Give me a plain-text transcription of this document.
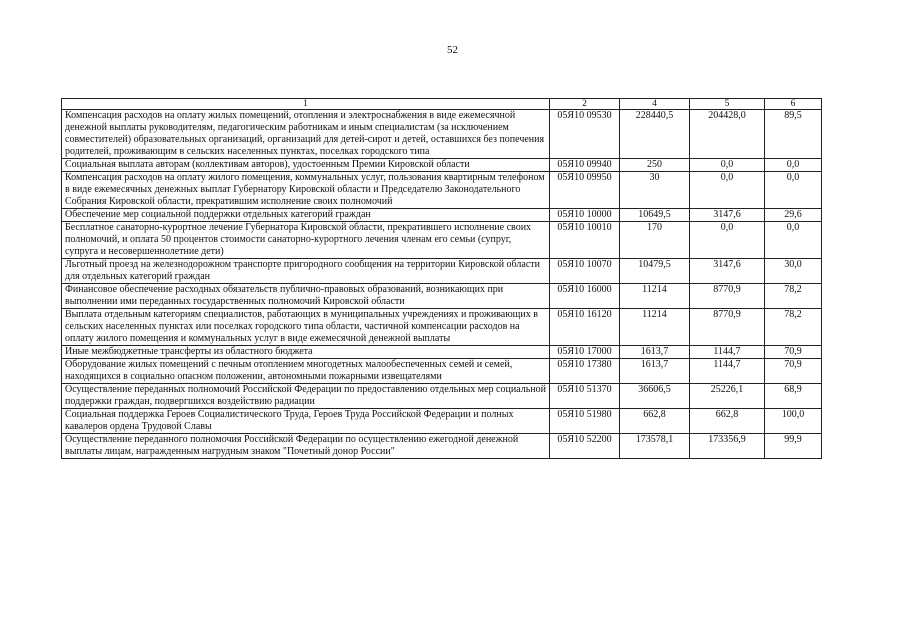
52
1	2	4	5	6
Компенсация расходов на оплату жилых помещений, отопления и электроснабжения в виде ежемесячной денежной выплаты руководителям, педагогическим работникам и иным специалистам (за исключением совместителей) образовательных организаций, организаций для детей-сирот и детей, оставшихся без попечения родителей, проживающим в сельских населенных пунктах, поселках городского типа	05Я10 09530	228440,5	204428,0	89,5
Социальная выплата авторам (коллективам авторов), удостоенным Премии Кировской области	05Я10 09940	250	0,0	0,0
Компенсация расходов на оплату жилого помещения, коммунальных услуг, пользования квартирным телефоном в виде ежемесячных денежных выплат Губернатору Кировской области и Председателю Законодательного Собрания Кировской области, прекратившим исполнение своих полномочий	05Я10 09950	30	0,0	0,0
Обеспечение мер социальной поддержки отдельных категорий граждан	05Я10 10000	10649,5	3147,6	29,6
Бесплатное санаторно-курортное лечение Губернатора Кировской области, прекратившего исполнение своих полномочий, и оплата 50 процентов стоимости санаторно-курортного лечения членам его семьи (супруг, супруга и несовершеннолетние дети)	05Я10 10010	170	0,0	0,0
Льготный проезд на железнодорожном транспорте пригородного сообщения на территории Кировской области для отдельных категорий граждан	05Я10 10070	10479,5	3147,6	30,0
Финансовое обеспечение расходных обязательств публично-правовых образований, возникающих при выполнении ими переданных государственных полномочий Кировской области	05Я10 16000	11214	8770,9	78,2
Выплата отдельным категориям специалистов, работающих в муниципальных учреждениях и проживающих в сельских населенных пунктах или поселках городского типа области, частичной компенсации расходов на оплату жилого помещения и коммунальных услуг в виде ежемесячной денежной выплаты	05Я10 16120	11214	8770,9	78,2
Иные межбюджетные трансферты из областного бюджета	05Я10 17000	1613,7	1144,7	70,9
Оборудование жилых помещений с печным отоплением многодетных малообеспеченных семей и семей, находящихся в социально опасном положении, автономными пожарными извещателями	05Я10 17380	1613,7	1144,7	70,9
Осуществление переданных полномочий Российской Федерации по предоставлению отдельных мер социальной поддержки граждан, подвергшихся воздействию радиации	05Я10 51370	36606,5	25226,1	68,9
Социальная поддержка Героев Социалистического Труда, Героев Труда Российской Федерации и полных кавалеров ордена Трудовой Славы	05Я10 51980	662,8	662,8	100,0
Осуществление переданного полномочия Российской Федерации по осуществлению ежегодной денежной выплаты лицам, награжденным нагрудным знаком "Почетный донор России"	05Я10 52200	173578,1	173356,9	99,9
